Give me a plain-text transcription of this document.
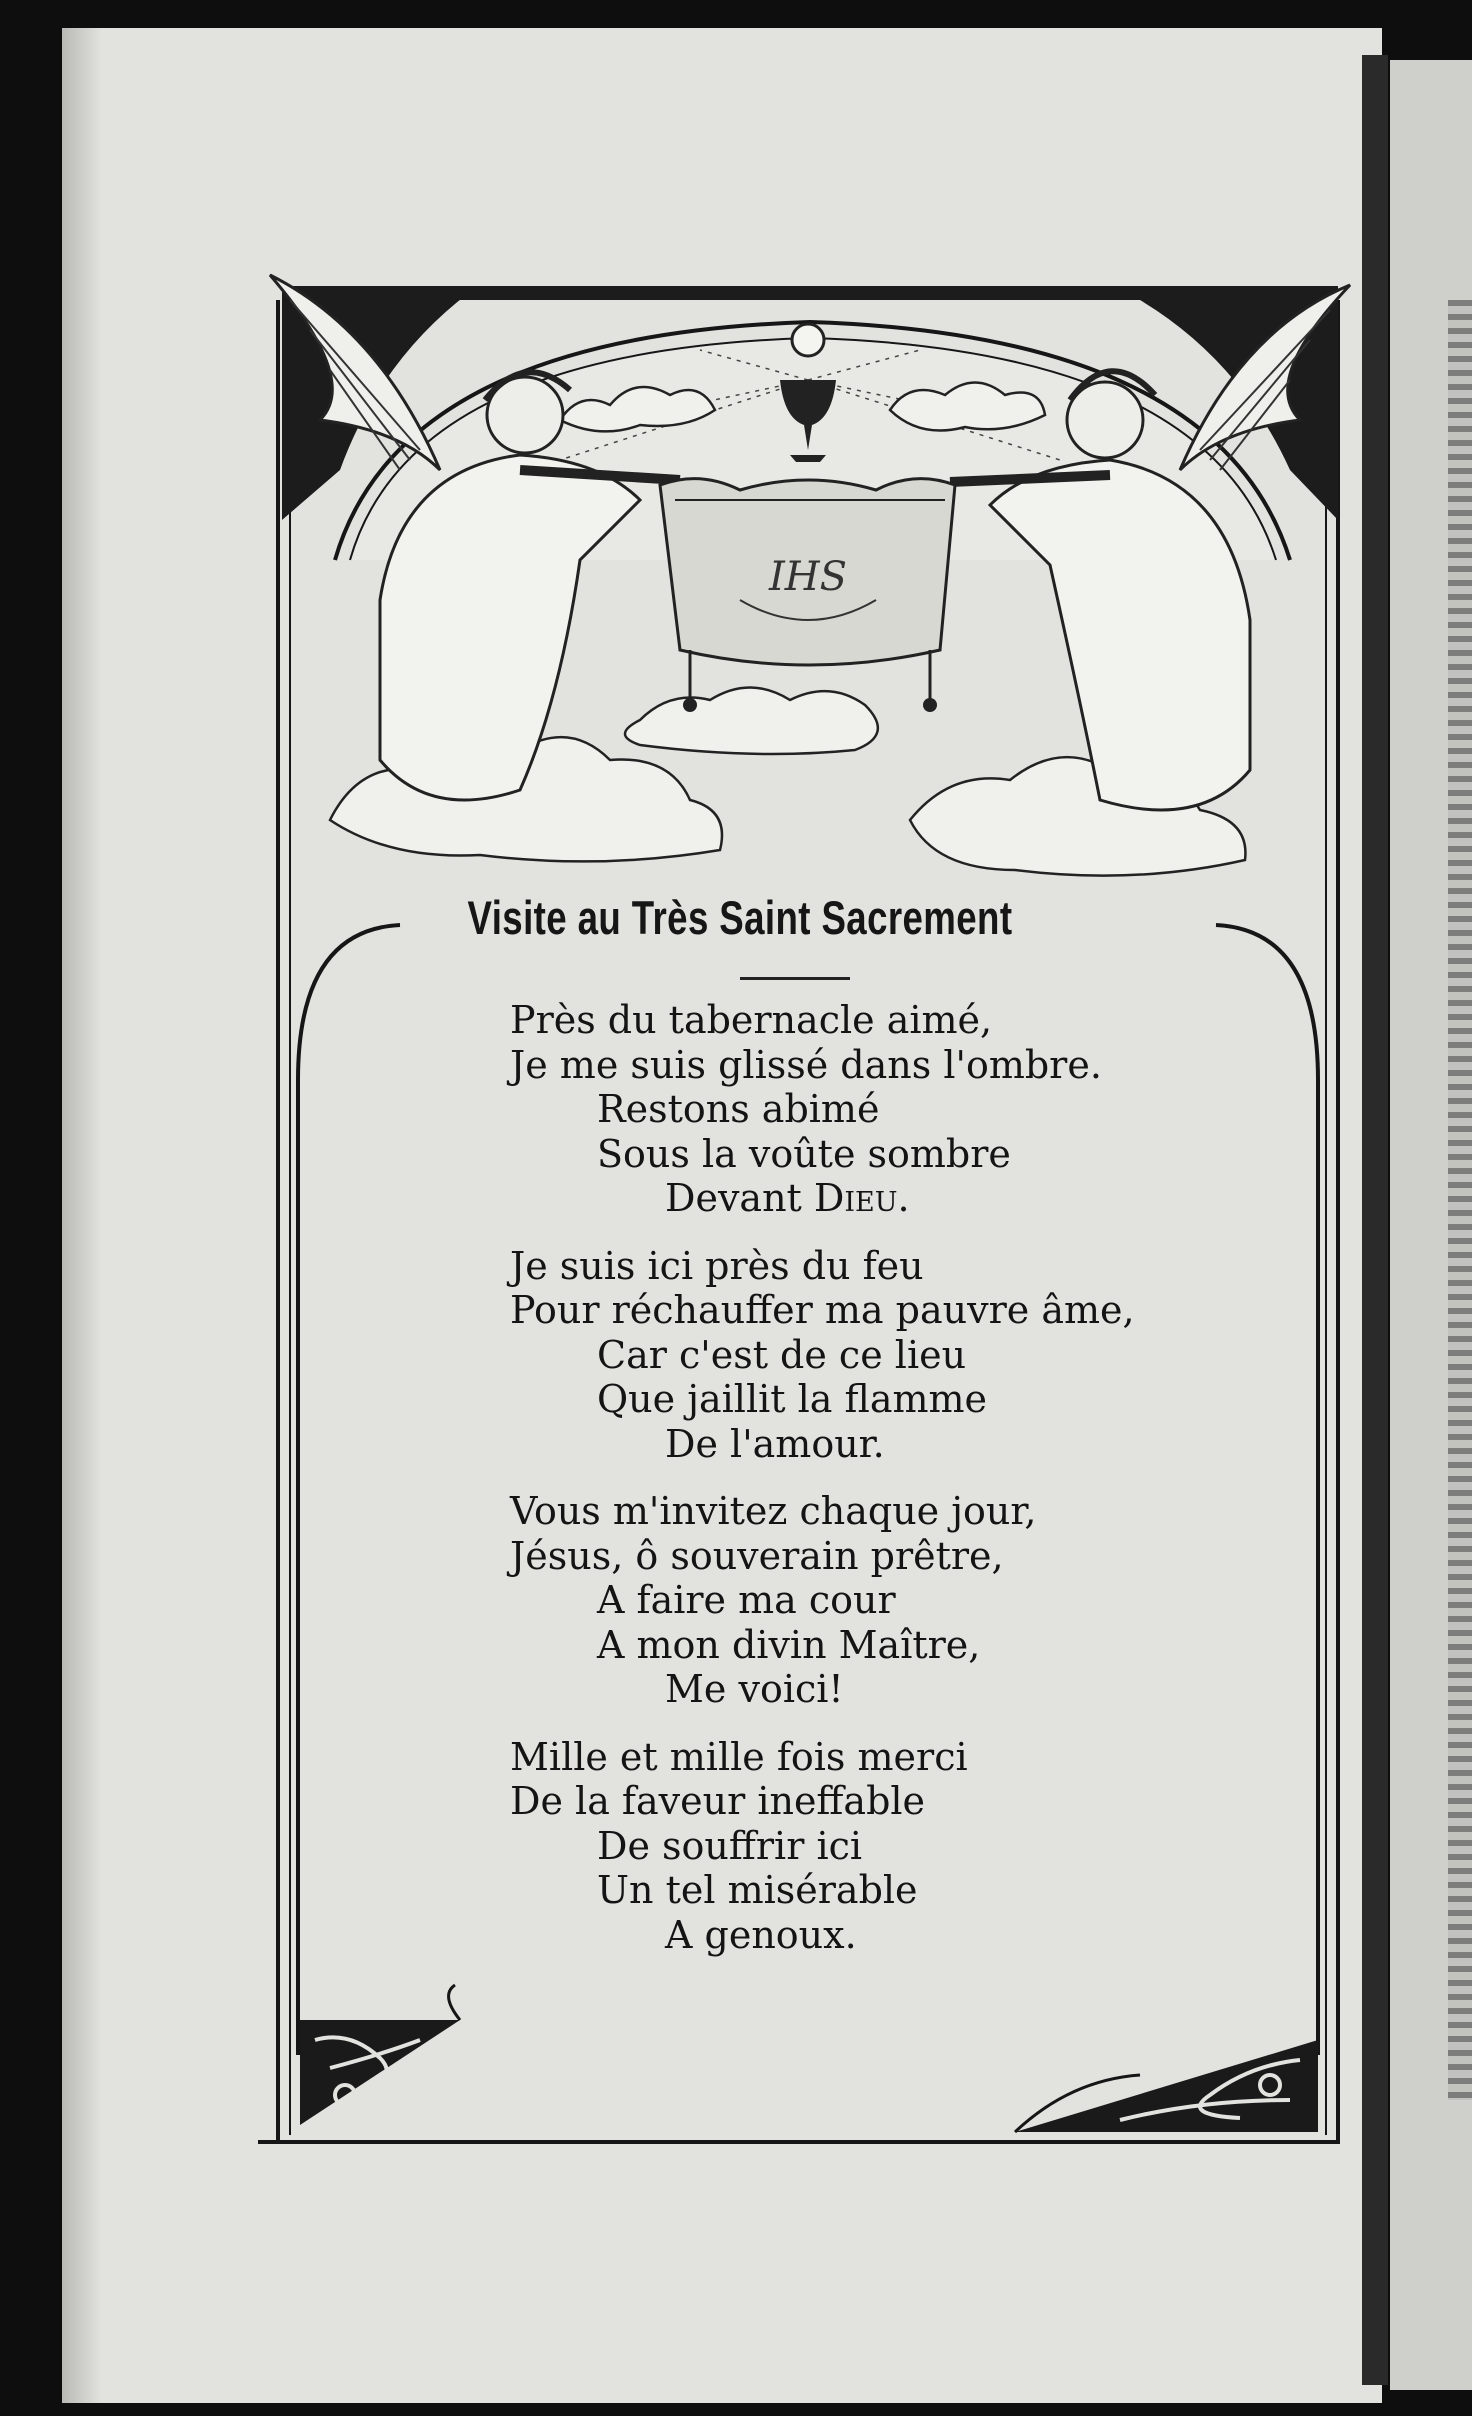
IHS
Visite au Très Saint Sacrement
Près du tabernacle aimé,
Je me suis glissé dans l'ombre.
Restons abimé
Sous la voûte sombre
Devant Dieu.
Je suis ici près du feu
Pour réchauffer ma pauvre âme,
Car c'est de ce lieu
Que jaillit la flamme
De l'amour.
Vous m'invitez chaque jour,
Jésus, ô souverain prêtre,
A faire ma cour
A mon divin Maître,
Me voici!
Mille et mille fois merci
De la faveur ineffable
De souffrir ici
Un tel misérable
A genoux.
